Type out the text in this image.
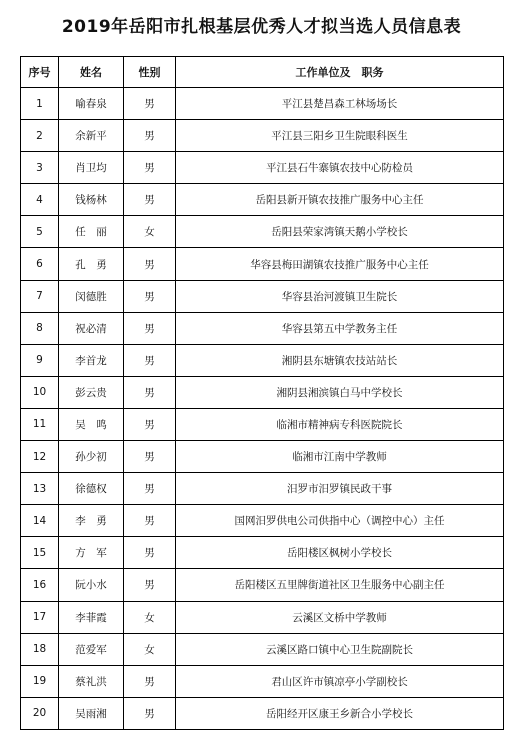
2019年岳阳市扎根基层优秀人才拟当选人员信息表
序号	姓名	性别	工作单位及　职务
1	喻春泉	男	平江县楚昌森工林场场长
2	余新平	男	平江县三阳乡卫生院眼科医生
3	肖卫均	男	平江县石牛寨镇农技中心防检员
4	钱杨林	男	岳阳县新开镇农技推广服务中心主任
5	任　丽	女	岳阳县荣家湾镇天鹅小学校长
6	孔　勇	男	华容县梅田湖镇农技推广服务中心主任
7	闵德胜	男	华容县治河渡镇卫生院长
8	祝必清	男	华容县第五中学教务主任
9	李首龙	男	湘阴县东塘镇农技站站长
10	彭云贵	男	湘阴县湘滨镇白马中学校长
11	吴　鸣	男	临湘市精神病专科医院院长
12	孙少初	男	临湘市江南中学教师
13	徐德权	男	汨罗市汨罗镇民政干事
14	李　勇	男	国网汨罗供电公司供指中心（调控中心）主任
15	方　军	男	岳阳楼区枫树小学校长
16	阮小水	男	岳阳楼区五里牌街道社区卫生服务中心副主任
17	李菲霞	女	云溪区文桥中学教师
18	范爱军	女	云溪区路口镇中心卫生院副院长
19	蔡礼洪	男	君山区许市镇凉亭小学副校长
20	吴雨湘	男	岳阳经开区康王乡新合小学校长
